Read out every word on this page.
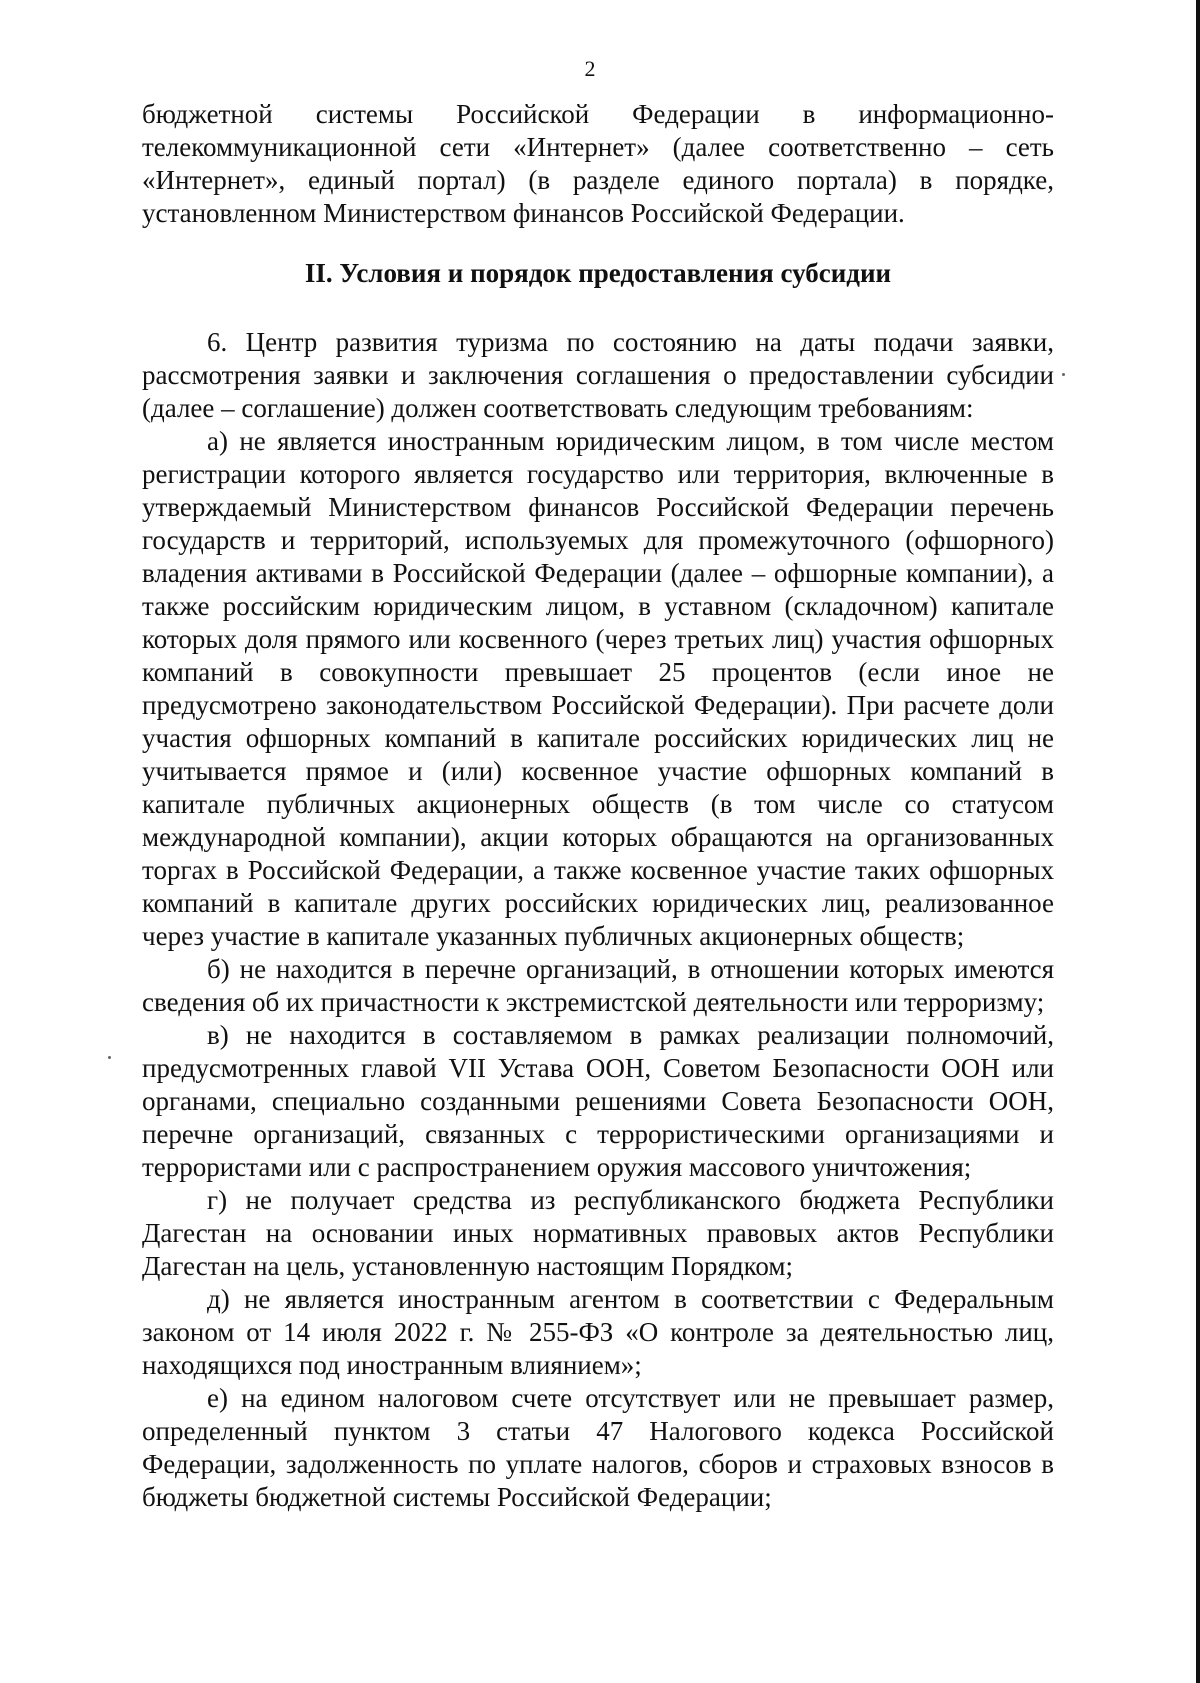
2

бюджетной системы Российской Федерации в информационно-телекоммуникационной сети «Интернет» (далее соответственно – сеть «Интернет», единый портал) (в разделе единого портала) в порядке, установленном Министерством финансов Российской Федерации.

II. Условия и порядок предоставления субсидии

6. Центр развития туризма по состоянию на даты подачи заявки, рассмотрения заявки и заключения соглашения о предоставлении субсидии (далее – соглашение) должен соответствовать следующим требованиям:

а) не является иностранным юридическим лицом, в том числе местом регистрации которого является государство или территория, включенные в утверждаемый Министерством финансов Российской Федерации перечень государств и территорий, используемых для промежуточного (офшорного) владения активами в Российской Федерации (далее – офшорные компании), а также российским юридическим лицом, в уставном (складочном) капитале которых доля прямого или косвенного (через третьих лиц) участия офшорных компаний в совокупности превышает 25 процентов (если иное не предусмотрено законодательством Российской Федерации). При расчете доли участия офшорных компаний в капитале российских юридических лиц не учитывается прямое и (или) косвенное участие офшорных компаний в капитале публичных акционерных обществ (в том числе со статусом международной компании), акции которых обращаются на организованных торгах в Российской Федерации, а также косвенное участие таких офшорных компаний в капитале других российских юридических лиц, реализованное через участие в капитале указанных публичных акционерных обществ;

б) не находится в перечне организаций, в отношении которых имеются сведения об их причастности к экстремистской деятельности или терроризму;

в) не находится в составляемом в рамках реализации полномочий, предусмотренных главой VII Устава ООН, Советом Безопасности ООН или органами, специально созданными решениями Совета Безопасности ООН, перечне организаций, связанных с террористическими организациями и террористами или с распространением оружия массового уничтожения;

г) не получает средства из республиканского бюджета Республики Дагестан на основании иных нормативных правовых актов Республики Дагестан на цель, установленную настоящим Порядком;

д) не является иностранным агентом в соответствии с Федеральным законом от 14 июля 2022 г. № 255-ФЗ «О контроле за деятельностью лиц, находящихся под иностранным влиянием»;

е) на едином налоговом счете отсутствует или не превышает размер, определенный пунктом 3 статьи 47 Налогового кодекса Российской Федерации, задолженность по уплате налогов, сборов и страховых взносов в бюджеты бюджетной системы Российской Федерации;
